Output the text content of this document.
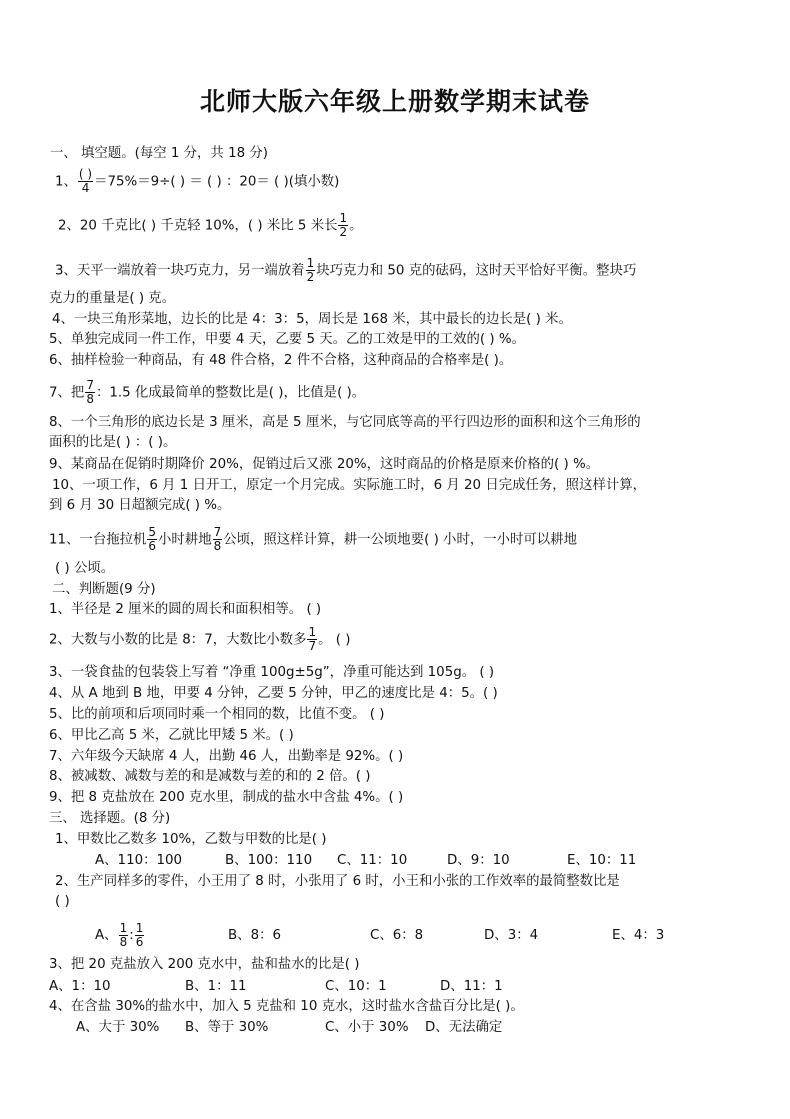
北师大版六年级上册数学期末试卷
一、 填空题。(每空 1 分，共 18 分)
1、 $\frac{( )}{4} =75\%=9\div$( ) ＝ ( ) ：20＝ ( )(填小数)
2、20 千克比( ) 千克轻 10%，( ) 米比 5 米长 $\frac{1}{2}$ 。
3、天平一端放着一块巧克力，另一端放着 $\frac{1}{2}$ 块巧克力和 50 克的砝码，这时天平恰好平衡。整块巧
克力的重量是( ) 克。
4、一块三角形菜地，边长的比是 4：3：5，周长是 168 米，其中最长的边长是( ) 米。
5、单独完成同一件工作，甲要 4 天，乙要 5 天。乙的工效是甲的工效的( ) %。
6、抽样检验一种商品，有 48 件合格，2 件不合格，这种商品的合格率是( )。
7、把 $\frac{7}{8}$ ：1.5 化成最简单的整数比是( )，比值是( )。
8、一个三角形的底边长是 3 厘米，高是 5 厘米，与它同底等高的平行四边形的面积和这个三角形的
面积的比是( ) ：( )。
9、某商品在促销时期降价 20%，促销过后又涨 20%，这时商品的价格是原来价格的( ) %。
10、一项工作，6 月 1 日开工，原定一个月完成。实际施工时，6 月 20 日完成任务，照这样计算，
到 6 月 30 日超额完成( ) %。
11、一台拖拉机 $\frac{5}{6}$ 小时耕地 $\frac{7}{8}$ 公顷，照这样计算，耕一公顷地要( ) 小时，一小时可以耕地
( ) 公顷。
二、判断题(9 分)
1、半径是 2 厘米的圆的周长和面积相等。 ( )
2、大数与小数的比是 8：7，大数比小数多 $\frac{1}{7}$ 。 ( )
3、一袋食盐的包装袋上写着 “净重 100g±5g”，净重可能达到 105g。 ( )
4、从 A 地到 B 地，甲要 4 分钟，乙要 5 分钟，甲乙的速度比是 4：5。( )
5、比的前项和后项同时乘一个相同的数，比值不变。 ( )
6、甲比乙高 5 米，乙就比甲矮 5 米。( )
7、六年级今天缺席 4 人，出勤 46 人，出勤率是 92%。( )
8、被减数、减数与差的和是减数与差的和的 2 倍。( )
9、把 8 克盐放在 200 克水里，制成的盐水中含盐 4%。( )
三、 选择题。(8 分)
1、甲数比乙数多 10%，乙数与甲数的比是( )
A、110：100	B、100：110 C、11：10	D、9：10	E、10：11
2、生产同样多的零件，小王用了 8 时，小张用了 6 时，小王和小张的工作效率的最简整数比是
( )
A、 $\frac{1}{8}$ : $\frac{1}{6}$	B、8：6	C、6：8	D、3：4	E、4：3
3、把 20 克盐放入 200 克水中，盐和盐水的比是( )
A、1：10	B、1：11	C、10：1	D、11：1
4、在含盐 30%的盐水中，加入 5 克盐和 10 克水，这时盐水含盐百分比是( )。
A、大于 30% B、等于 30%	C、小于 30% D、无法确定
